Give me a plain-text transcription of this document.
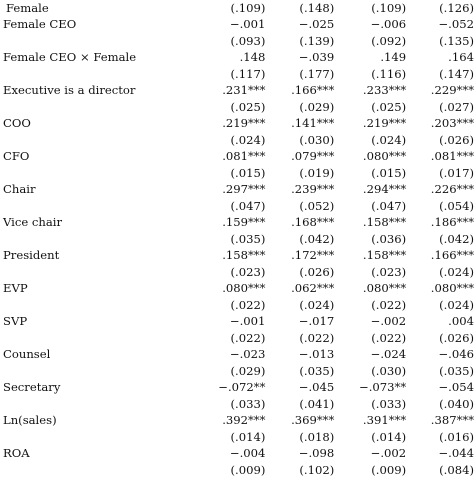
Female	(.109)	(.148)	(.109)	(.126)
Female CEO	−.001	−.025	−.006	−.052
(.093)	(.139)	(.092)	(.135)
Female CEO × Female	.148	−.039	.149	.164
(.117)	(.177)	(.116)	(.147)
Executive is a director	.231***	.166***	.233***	.229***
(.025)	(.029)	(.025)	(.027)
COO	.219***	.141***	.219***	.203***
(.024)	(.030)	(.024)	(.026)
CFO	.081***	.079***	.080***	.081***
(.015)	(.019)	(.015)	(.017)
Chair	.297***	.239***	.294***	.226***
(.047)	(.052)	(.047)	(.054)
Vice chair	.159***	.168***	.158***	.186***
(.035)	(.042)	(.036)	(.042)
President	.158***	.172***	.158***	.166***
(.023)	(.026)	(.023)	(.024)
EVP	.080***	.062***	.080***	.080***
(.022)	(.024)	(.022)	(.024)
SVP	−.001	−.017	−.002	.004
(.022)	(.022)	(.022)	(.026)
Counsel	−.023	−.013	−.024	−.046
(.029)	(.035)	(.030)	(.035)
Secretary	−.072**	−.045	−.073**	−.054
(.033)	(.041)	(.033)	(.040)
Ln(sales)	.392***	.369***	.391***	.387***
(.014)	(.018)	(.014)	(.016)
ROA	−.004	−.098	−.002	−.044
(.009)	(.102)	(.009)	(.084)
